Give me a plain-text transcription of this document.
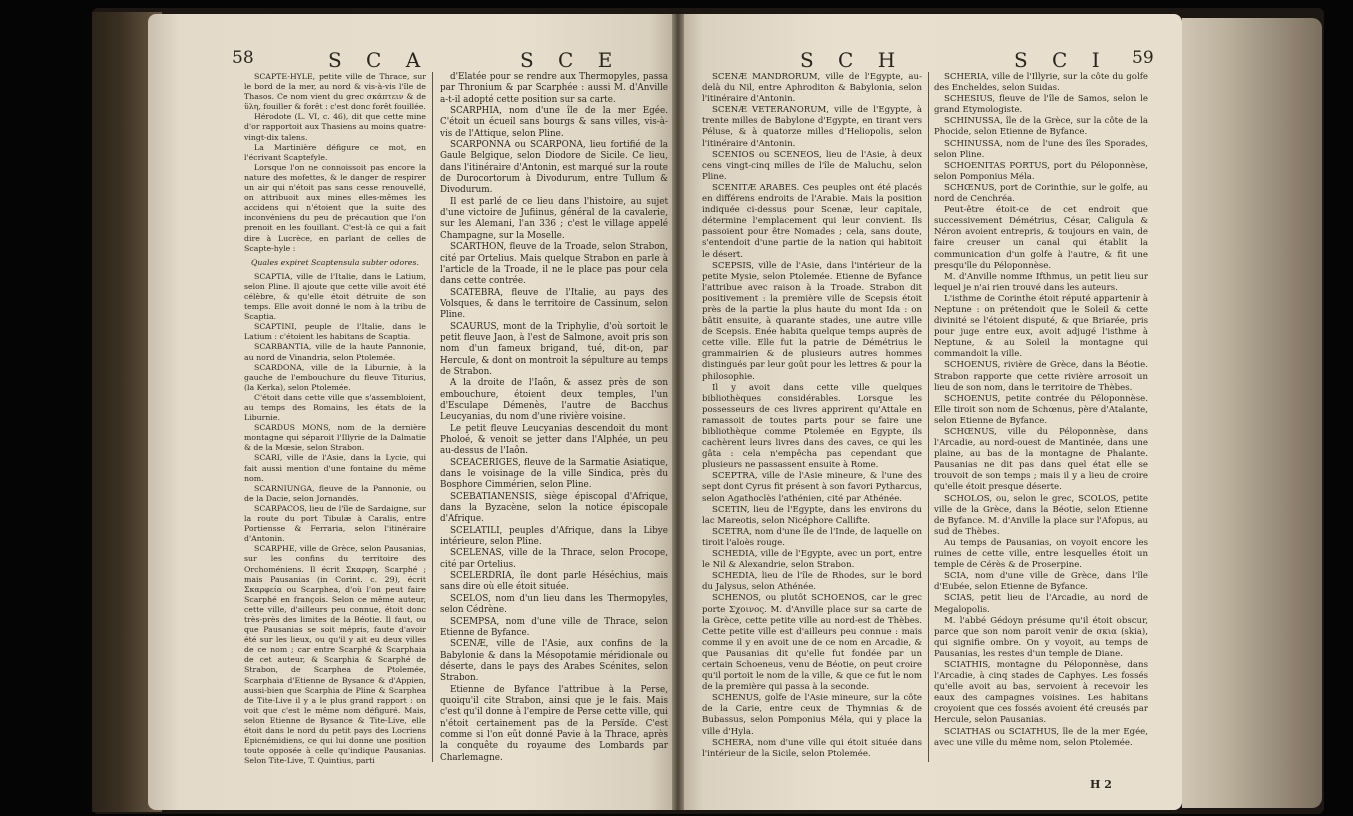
58	S C A	S C E	S C H	S C I 59

SCAPTE-HYLE, petite ville de Thrace, sur le bord de la mer, au nord & vis-à-vis l'île de Thasos. Ce nom vient du grec σκάπτειν & de ὕλη, fouiller & forêt : c'est donc forêt fouillée.

Hérodote (L. VI, c. 46), dit que cette mine d'or rapportoit aux Thasiens au moins quatre-vingt-dix talens.

La Martinière défigure ce mot, en l'écrivant Scaptefyle.

Lorsque l'on ne connoissoit pas encore la nature des mofettes, & le danger de respirer un air qui n'étoit pas sans cesse renouvellé, on attribuoit aux mines elles-mêmes les accidens qui n'étoient que la suite des inconvéniens du peu de précaution que l'on prenoit en les fouillant. C'est-là ce qui a fait dire à Lucrèce, en parlant de celles de Scapte-hyle :

Quales expiret Scaptensula subter odores.

SCAPTIA, ville de l'Italie, dans le Latium, selon Pline. Il ajoute que cette ville avoit été célèbre, & qu'elle étoit détruite de son temps. Elle avoit donné le nom à la tribu de Scaptia.

SCAPTINI, peuple de l'Italie, dans le Latium : c'étoient les habitans de Scaptia.

SCARBANTIA, ville de la haute Pannonie, au nord de Vinandria, selon Ptolemée.

SCARDONA, ville de la Liburnie, à la gauche de l'embouchure du fleuve Titurius, (la Kerka), selon Ptolemée.

C'étoit dans cette ville que s'assembloient, au temps des Romains, les états de la Liburnie.

SCARDUS MONS, nom de la dernière montagne qui séparoit l'Illyrie de la Dalmatie & de la Mœsie, selon Strabon.

SCARI, ville de l'Asie, dans la Lycie, qui fait aussi mention d'une fontaine du même nom.

SCARNIUNGA, fleuve de la Pannonie, ou de la Dacie, selon Jornandès.

SCARPACOS, lieu de l'île de Sardaigne, sur la route du port Tibulæ à Caralis, entre Portiensse & Ferraria, selon l'itinéraire d'Antonin.

SCARPHE, ville de Grèce, selon Pausanias, sur les confins du territoire des Orchoméniens. Il écrit Σκαρφη, Scarphé ; mais Pausanias (in Corint. c. 29), écrit Σκαρφεία ou Scarphea, d'où l'on peut faire Scarphé en françois. Selon ce même auteur, cette ville, d'ailleurs peu connue, étoit donc très-près des limites de la Béotie. Il faut, ou que Pausanias se soit mépris, faute d'avoir été sur les lieux, ou qu'il y ait eu deux villes de ce nom ; car entre Scarphé & Scarphaia de cet auteur, & Scarphia & Scarphé de Strabon, de Scarphea de Ptolemée, Scarphaia d'Etienne de Bysance & d'Appien, aussi-bien que Scarphia de Pline & Scarphea de Tite-Live il y a le plus grand rapport : on voit que c'est le même nom défiguré. Mais, selon Etienne de Bysance & Tite-Live, elle étoit dans le nord du petit pays des Locriens Epicnémidiens, ce qui lui donne une position toute opposée à celle qu'indique Pausanias. Selon Tite-Live, T. Quintius, parti

d'Elatée pour se rendre aux Thermopyles, passa par Thronium & par Scarphée : aussi M. d'Anville a-t-il adopté cette position sur sa carte.

SCARPHIA, nom d'une île de la mer Egée. C'étoit un écueil sans bourgs & sans villes, vis-à-vis de l'Attique, selon Pline.

SCARPONNA ou SCARPONA, lieu fortifié de la Gaule Belgique, selon Diodore de Sicile. Ce lieu, dans l'itinéraire d'Antonin, est marqué sur la route de Durocortorum à Divodurum, entre Tullum & Divodurum.

Il est parlé de ce lieu dans l'histoire, au sujet d'une victoire de Jufiinus, général de la cavalerie, sur les Alemani, l'an 336 ; c'est le village appelé Champagne, sur la Moselle.

SCARTHON, fleuve de la Troade, selon Strabon, cité par Ortelius. Mais quelque Strabon en parle à l'article de la Troade, il ne le place pas pour cela dans cette contrée.

SCATEBRA, fleuve de l'Italie, au pays des Volsques, & dans le territoire de Cassinum, selon Pline.

SCAURUS, mont de la Triphylie, d'où sortoit le petit fleuve Jaon, à l'est de Salmone, avoit pris son nom d'un fameux brigand, tué, dit-on, par Hercule, & dont on montroit la sépulture au temps de Strabon.

A la droite de l'Iaôn, & assez près de son embouchure, étoient deux temples, l'un d'Esculape Démenès, l'autre de Bacchus Leucyanias, du nom d'une rivière voisine.

Le petit fleuve Leucyanias descendoit du mont Pholoé, & venoit se jetter dans l'Alphée, un peu au-dessus de l'Iaôn.

SCEACERIGES, fleuve de la Sarmatie Asiatique, dans le voisinage de la ville Sindica, près du Bosphore Cimmérien, selon Pline.

SCEBATIANENSIS, siège épiscopal d'Afrique, dans la Byzacène, selon la notice épiscopale d'Afrique.

SCELATILI, peuples d'Afrique, dans la Libye intérieure, selon Pline.

SCELENAS, ville de la Thrace, selon Procope, cité par Ortelius.

SCELERDRIA, île dont parle Héséchius, mais sans dire où elle étoit située.

SCELOS, nom d'un lieu dans les Thermopyles, selon Cédrène.

SCEMPSA, nom d'une ville de Thrace, selon Etienne de Byfance.

SCENÆ, ville de l'Asie, aux confins de la Babylonie & dans la Mésopotamie méridionale ou déserte, dans le pays des Arabes Scénites, selon Strabon.

Etienne de Byfance l'attribue à la Perse, quoiqu'il cite Strabon, ainsi que je le fais. Mais c'est qu'il donne à l'empire de Perse cette ville, qui n'étoit certainement pas de la Persïde. C'est comme si l'on eût donné Pavie à la Thrace, après la conquête du royaume des Lombards par Charlemagne.

SCENÆ MANDRORUM, ville de l'Egypte, au-delà du Nil, entre Aphroditon & Babylonia, selon l'itinéraire d'Antonin.

SCENÆ VETERANORUM, ville de l'Egypte, à trente milles de Babylone d'Egypte, en tirant vers Péluse, & à quatorze milles d'Heliopolis, selon l'itinéraire d'Antonin.

SCENIOS ou SCENEOS, lieu de l'Asie, à deux cens vingt-cinq milles de l'île de Maluchu, selon Pline.

SCENITÆ ARABES. Ces peuples ont été placés en différens endroits de l'Arabie. Mais la position indiquée ci-dessus pour Scenæ, leur capitale, détermine l'emplacement qui leur convient. Ils passoient pour être Nomades ; cela, sans doute, s'entendoit d'une partie de la nation qui habitoit le désert.

SCEPSIS, ville de l'Asie, dans l'intérieur de la petite Mysie, selon Ptolemée. Etienne de Byfance l'attribue avec raison à la Troade. Strabon dit positivement : la première ville de Scepsis étoit près de la partie la plus haute du mont Ida : on bâtit ensuite, à quarante stades, une autre ville de Scepsis. Enée habita quelque temps auprès de cette ville. Elle fut la patrie de Démétrius le grammairien & de plusieurs autres hommes distingués par leur goût pour les lettres & pour la philosophie.

Il y avoit dans cette ville quelques bibliothèques considérables. Lorsque les possesseurs de ces livres apprirent qu'Attale en ramassoit de toutes parts pour se faire une bibliothèque comme Ptolemée en Egypte, ils cachèrent leurs livres dans des caves, ce qui les gâta : cela n'empêcha pas cependant que plusieurs ne passassent ensuite à Rome.

SCEPTRA, ville de l'Asie mineure, & l'une des sept dont Cyrus fit présent à son favori Pytharcus, selon Agathoclès l'athénien, cité par Athénée.

SCETIN, lieu de l'Egypte, dans les environs du lac Mareotis, selon Nicéphore Callifte.

SCETRA, nom d'une île de l'Inde, de laquelle on tiroit l'aloès rouge.

SCHEDIA, ville de l'Egypte, avec un port, entre le Nil & Alexandrie, selon Strabon.

SCHEDIA, lieu de l'île de Rhodes, sur le bord du Jalysus, selon Athénée.

SCHENOS, ou plutôt SCHOENOS, car le grec porte Σχοινος. M. d'Anville place sur sa carte de la Grèce, cette petite ville au nord-est de Thèbes. Cette petite ville est d'ailleurs peu connue : mais comme il y en avoit une de ce nom en Arcadie, & que Pausanias dit qu'elle fut fondée par un certain Schoeneus, venu de Béotie, on peut croire qu'il portoit le nom de la ville, & que ce fut le nom de la première qui passa à la seconde.

SCHENUS, golfe de l'Asie mineure, sur la côte de la Carie, entre ceux de Thymnias & de Bubassus, selon Pomponius Méla, qui y place la ville d'Hyla.

SCHERA, nom d'une ville qui étoit située dans l'intérieur de la Sicile, selon Ptolemée.

SCHERIA, ville de l'Illyrie, sur la côte du golfe des Encheldes, selon Suidas.

SCHESIUS, fleuve de l'île de Samos, selon le grand Etymologiste.

SCHINUSSA, île de la Grèce, sur la côte de la Phocide, selon Etienne de Byfance.

SCHINUSSA, nom de l'une des îles Sporades, selon Pline.

SCHOENITAS PORTUS, port du Péloponnèse, selon Pomponius Méla.

SCHŒNUS, port de Corinthie, sur le golfe, au nord de Cenchréa.

Peut-être étoit-ce de cet endroit que successivement Démétrius, César, Caligula & Néron avoient entrepris, & toujours en vain, de faire creuser un canal qui établit la communication d'un golfe à l'autre, & fit une presqu'île du Péloponnèse.

M. d'Anville nomme Ifthmus, un petit lieu sur lequel je n'ai rien trouvé dans les auteurs.

L'isthme de Corinthe étoit réputé appartenir à Neptune : on prétendoit que le Soleil & cette divinité se l'étoient disputé, & que Briarée, pris pour juge entre eux, avoit adjugé l'isthme à Neptune, & au Soleil la montagne qui commandoit la ville.

SCHOENUS, rivière de Grèce, dans la Béotie. Strabon rapporte que cette rivière arrosoit un lieu de son nom, dans le territoire de Thèbes.

SCHOENUS, petite contrée du Péloponnèse. Elle tiroit son nom de Schœnus, père d'Atalante, selon Etienne de Byfance.

SCHŒNUS, ville du Péloponnèse, dans l'Arcadie, au nord-ouest de Mantinée, dans une plaine, au bas de la montagne de Phalante. Pausanias ne dit pas dans quel état elle se trouvoit de son temps ; mais il y a lieu de croire qu'elle étoit presque déserte.

SCHOLOS, ou, selon le grec, SCOLOS, petite ville de la Grèce, dans la Béotie, selon Etienne de Byfance. M. d'Anville la place sur l'Afopus, au sud de Thèbes.

Au temps de Pausanias, on voyoit encore les ruines de cette ville, entre lesquelles étoit un temple de Cérès & de Proserpine.

SCIA, nom d'une ville de Grèce, dans l'île d'Eubée, selon Etienne de Byfance.

SCIAS, petit lieu de l'Arcadie, au nord de Megalopolis.

M. l'abbé Gédoyn présume qu'il étoit obscur, parce que son nom paroit venir de σκια (skia), qui signifie ombre. On y voyoit, au temps de Pausanias, les restes d'un temple de Diane.

SCIATHIS, montagne du Péloponnèse, dans l'Arcadie, à cinq stades de Caphyes. Les fossés qu'elle avoit au bas, servoient à recevoir les eaux des campagnes voisines. Les habitans croyoient que ces fossés avoient été creusés par Hercule, selon Pausanias.

SCIATHAS ou SCIATHUS, île de la mer Egée, avec une ville du même nom, selon Ptolemée.

H 2
